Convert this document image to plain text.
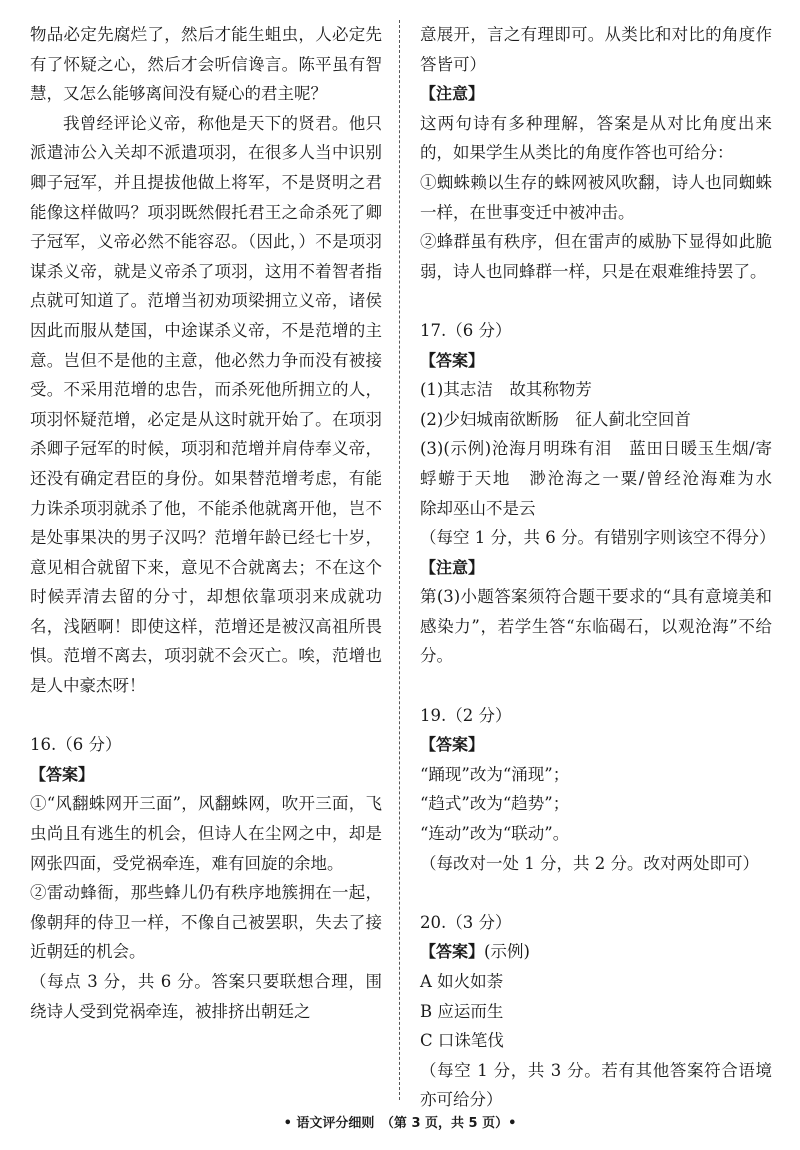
物品必定先腐烂了，然后才能生蛆虫，人必定先有了怀疑之心，然后才会听信谗言。陈平虽有智慧，又怎么能够离间没有疑心的君主呢？

我曾经评论义帝，称他是天下的贤君。他只派遣沛公入关却不派遣项羽，在很多人当中识别卿子冠军，并且提拔他做上将军，不是贤明之君能像这样做吗？项羽既然假托君王之命杀死了卿子冠军，义帝必然不能容忍。（因此，）不是项羽谋杀义帝，就是义帝杀了项羽，这用不着智者指点就可知道了。范增当初劝项梁拥立义帝，诸侯因此而服从楚国，中途谋杀义帝，不是范增的主意。岂但不是他的主意，他必然力争而没有被接受。不采用范增的忠告，而杀死他所拥立的人，项羽怀疑范增，必定是从这时就开始了。在项羽杀卿子冠军的时候，项羽和范增并肩侍奉义帝，还没有确定君臣的身份。如果替范增考虑，有能力诛杀项羽就杀了他，不能杀他就离开他，岂不是处事果决的男子汉吗？范增年龄已经七十岁，意见相合就留下来，意见不合就离去；不在这个时候弄清去留的分寸，却想依靠项羽来成就功名，浅陋啊！即使这样，范增还是被汉高祖所畏惧。范增不离去，项羽就不会灭亡。唉，范增也是人中豪杰呀！

16.（6 分）

【答案】

①“风翻蛛网开三面”，风翻蛛网，吹开三面，飞虫尚且有逃生的机会，但诗人在尘网之中，却是网张四面，受党祸牵连，难有回旋的余地。

②雷动蜂衙，那些蜂儿仍有秩序地簇拥在一起，像朝拜的侍卫一样，不像自己被罢职，失去了接近朝廷的机会。

（每点 3 分，共 6 分。答案只要联想合理，围绕诗人受到党祸牵连，被排挤出朝廷之

意展开，言之有理即可。从类比和对比的角度作答皆可）

【注意】

这两句诗有多种理解，答案是从对比角度出来的，如果学生从类比的角度作答也可给分：

①蜘蛛赖以生存的蛛网被风吹翻，诗人也同蜘蛛一样，在世事变迁中被冲击。

②蜂群虽有秩序，但在雷声的威胁下显得如此脆弱，诗人也同蜂群一样，只是在艰难维持罢了。

17.（6 分）

【答案】

(1)其志洁　故其称物芳

(2)少妇城南欲断肠　征人蓟北空回首

(3)(示例)沧海月明珠有泪　蓝田日暖玉生烟/寄蜉蝣于天地　渺沧海之一粟/曾经沧海难为水　除却巫山不是云

（每空 1 分，共 6 分。有错别字则该空不得分）

【注意】

第(3)小题答案须符合题干要求的“具有意境美和感染力”，若学生答“东临碣石，以观沧海”不给分。

19.（2 分）

【答案】

“踊现”改为“涌现”；

“趋式”改为“趋势”；

“连动”改为“联动”。

（每改对一处 1 分，共 2 分。改对两处即可）

20.（3 分）

【答案】(示例)

A 如火如荼

B 应运而生

C 口诛笔伐

（每空 1 分，共 3 分。若有其他答案符合语境亦可给分）

• 语文评分细则　（第 3 页，共 5 页）•
